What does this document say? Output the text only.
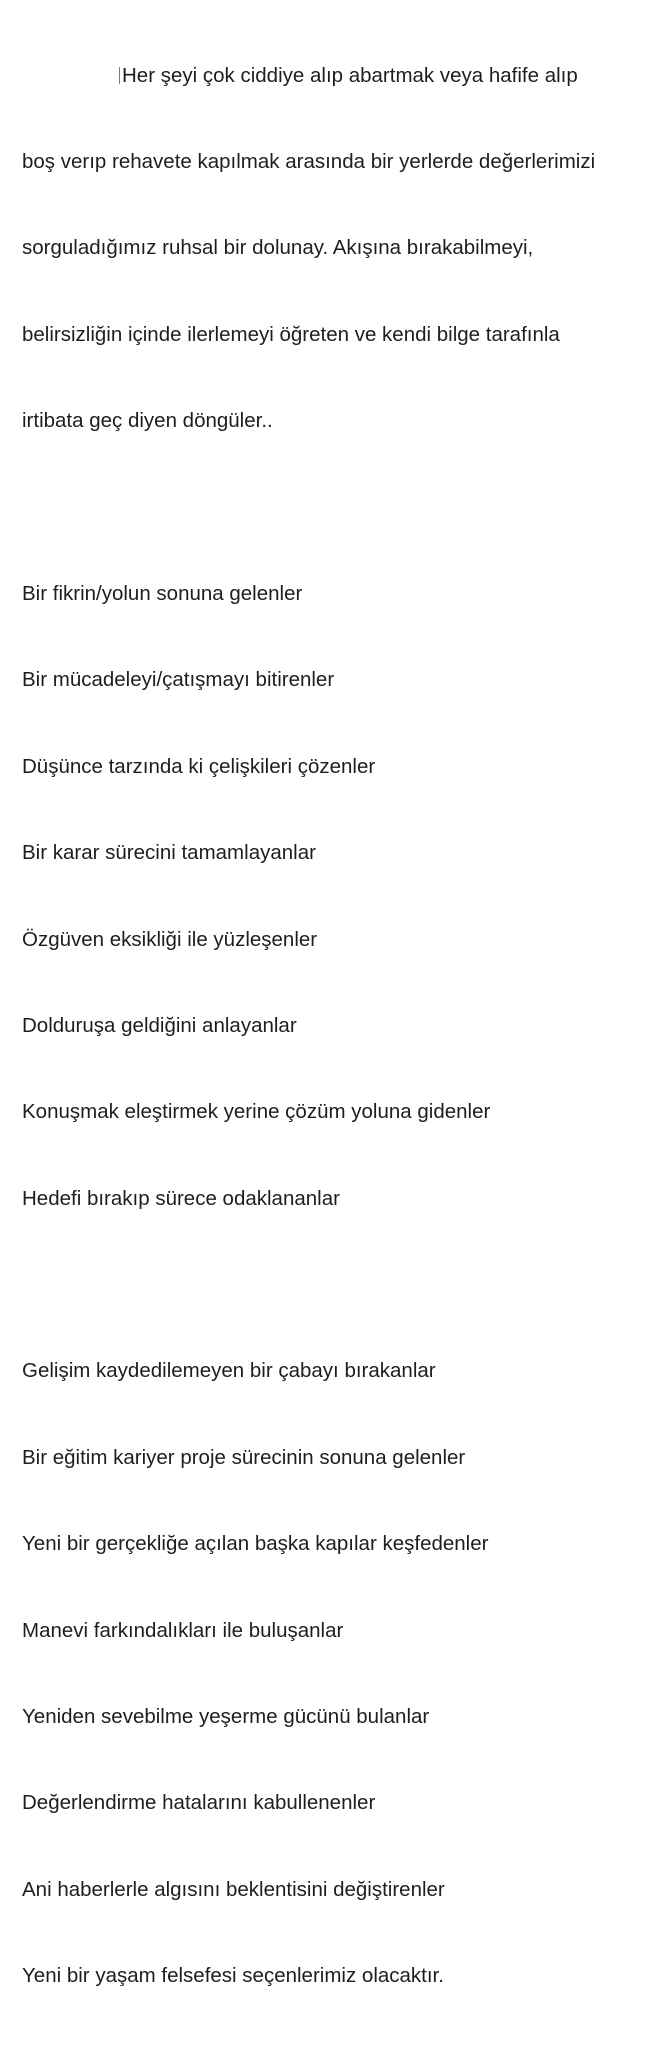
Her şeyi çok ciddiye alıp abartmak veya hafife alıp

boş verıp rehavete kapılmak arasında bir yerlerde değerlerimizi

sorguladığımız ruhsal bir dolunay. Akışına bırakabilmeyi,

belirsizliğin içinde ilerlemeyi öğreten ve kendi bilge tarafınla

irtibata geç diyen döngüler..

Bir fikrin/yolun sonuna gelenler

Bir mücadeleyi/çatışmayı bitirenler

Düşünce tarzında ki çelişkileri çözenler

Bir karar sürecini tamamlayanlar

Özgüven eksikliği ile yüzleşenler

Dolduruşa geldiğini anlayanlar

Konuşmak eleştirmek yerine çözüm yoluna gidenler

Hedefi bırakıp sürece odaklananlar

Gelişim kaydedilemeyen bir çabayı bırakanlar

Bir eğitim kariyer proje sürecinin sonuna gelenler

Yeni bir gerçekliğe açılan başka kapılar keşfedenler

Manevi farkındalıkları ile buluşanlar

Yeniden sevebilme yeşerme gücünü bulanlar

Değerlendirme hatalarını kabullenenler

Ani haberlerle algısını beklentisini değiştirenler

Yeni bir yaşam felsefesi seçenlerimiz olacaktır.
